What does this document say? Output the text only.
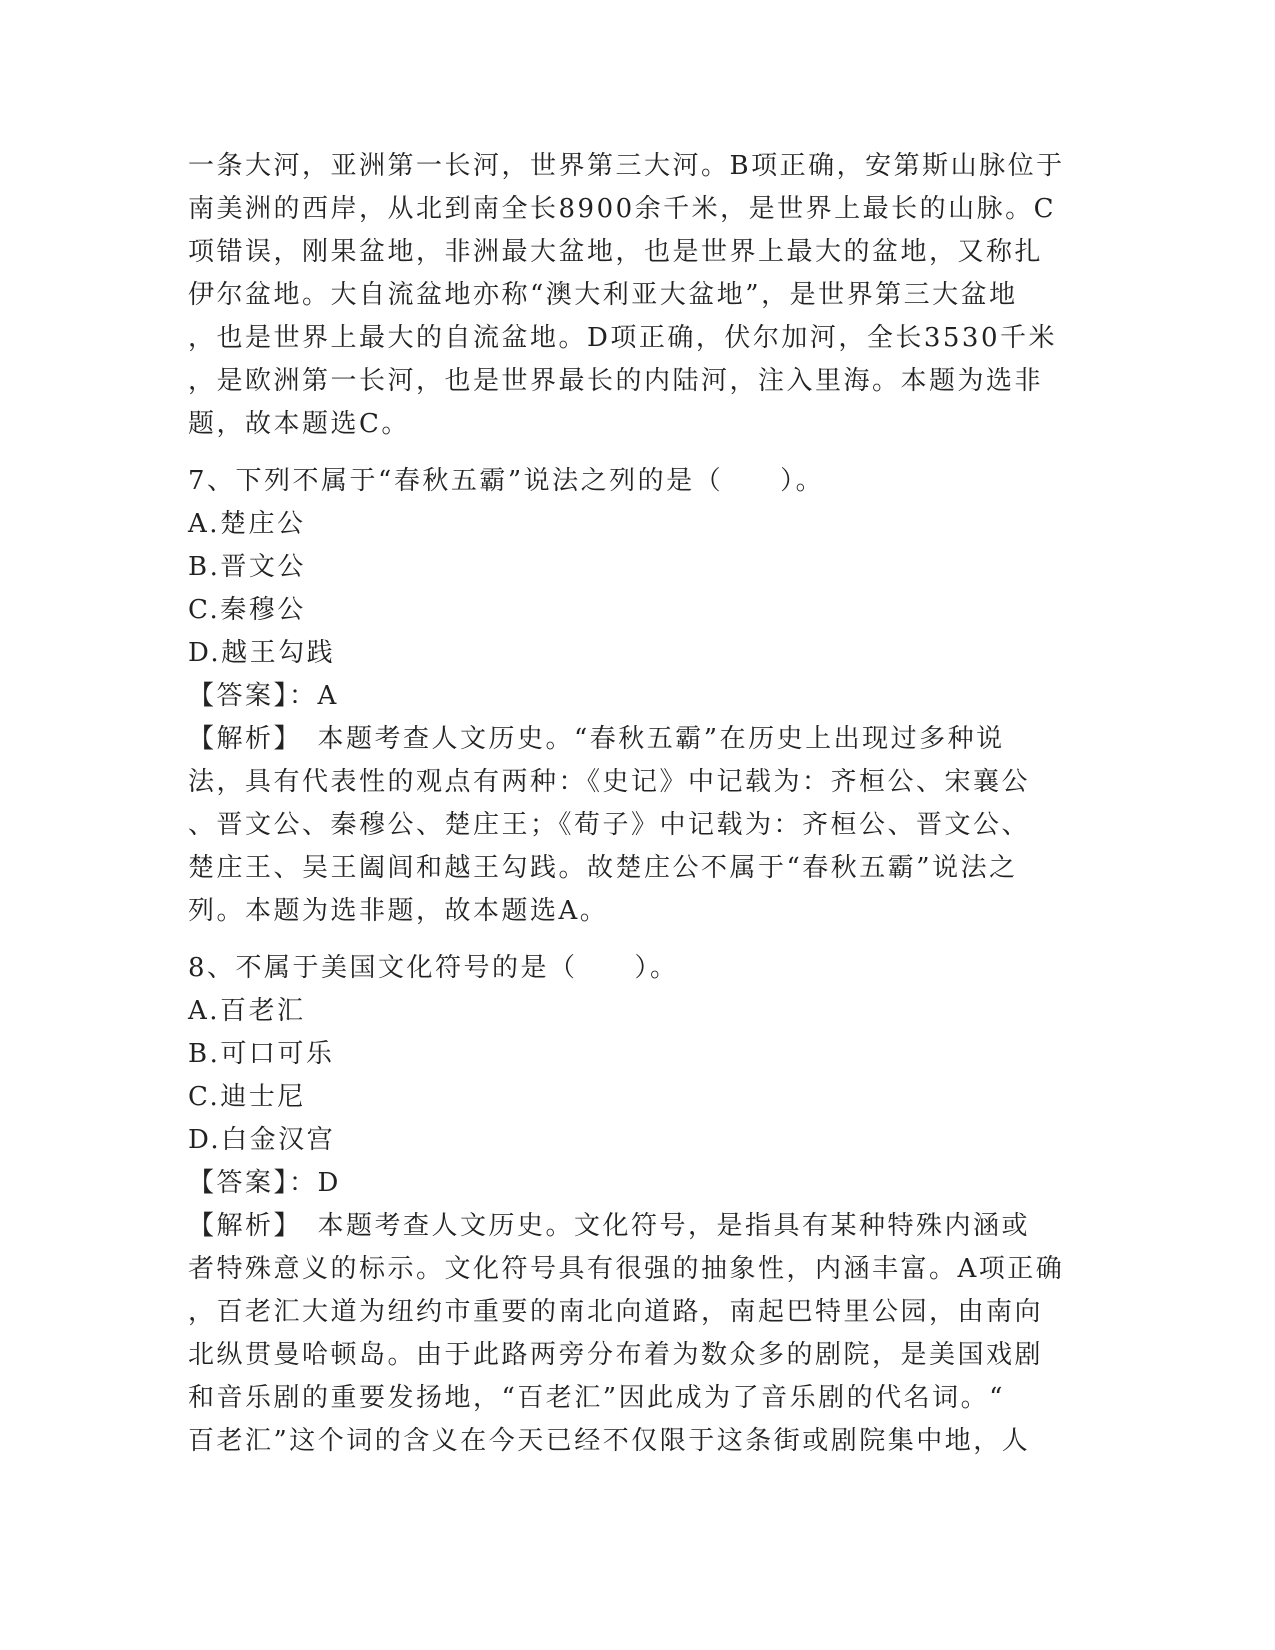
一条大河，亚洲第一长河，世界第三大河。B项正确，安第斯山脉位于

南美洲的西岸，从北到南全长8900余千米，是世界上最长的山脉。C

项错误，刚果盆地，非洲最大盆地，也是世界上最大的盆地，又称扎

伊尔盆地。大自流盆地亦称“澳大利亚大盆地”，是世界第三大盆地

，也是世界上最大的自流盆地。D项正确，伏尔加河，全长3530千米

，是欧洲第一长河，也是世界最长的内陆河，注入里海。本题为选非

题，故本题选C。

7、下列不属于“春秋五霸”说法之列的是（　　）。

A.楚庄公

B.晋文公

C.秦穆公

D.越王勾践

【答案】：A

【解析】　本题考查人文历史。“春秋五霸”在历史上出现过多种说

法，具有代表性的观点有两种：《史记》中记载为：齐桓公、宋襄公

、晋文公、秦穆公、楚庄王；《荀子》中记载为：齐桓公、晋文公、

楚庄王、吴王阖闾和越王勾践。故楚庄公不属于“春秋五霸”说法之

列。本题为选非题，故本题选A。

8、不属于美国文化符号的是（　　）。

A.百老汇

B.可口可乐

C.迪士尼

D.白金汉宫

【答案】：D

【解析】　本题考查人文历史。文化符号，是指具有某种特殊内涵或

者特殊意义的标示。文化符号具有很强的抽象性，内涵丰富。A项正确

，百老汇大道为纽约市重要的南北向道路，南起巴特里公园，由南向

北纵贯曼哈顿岛。由于此路两旁分布着为数众多的剧院，是美国戏剧

和音乐剧的重要发扬地，“百老汇”因此成为了音乐剧的代名词。“

百老汇”这个词的含义在今天已经不仅限于这条街或剧院集中地，人
